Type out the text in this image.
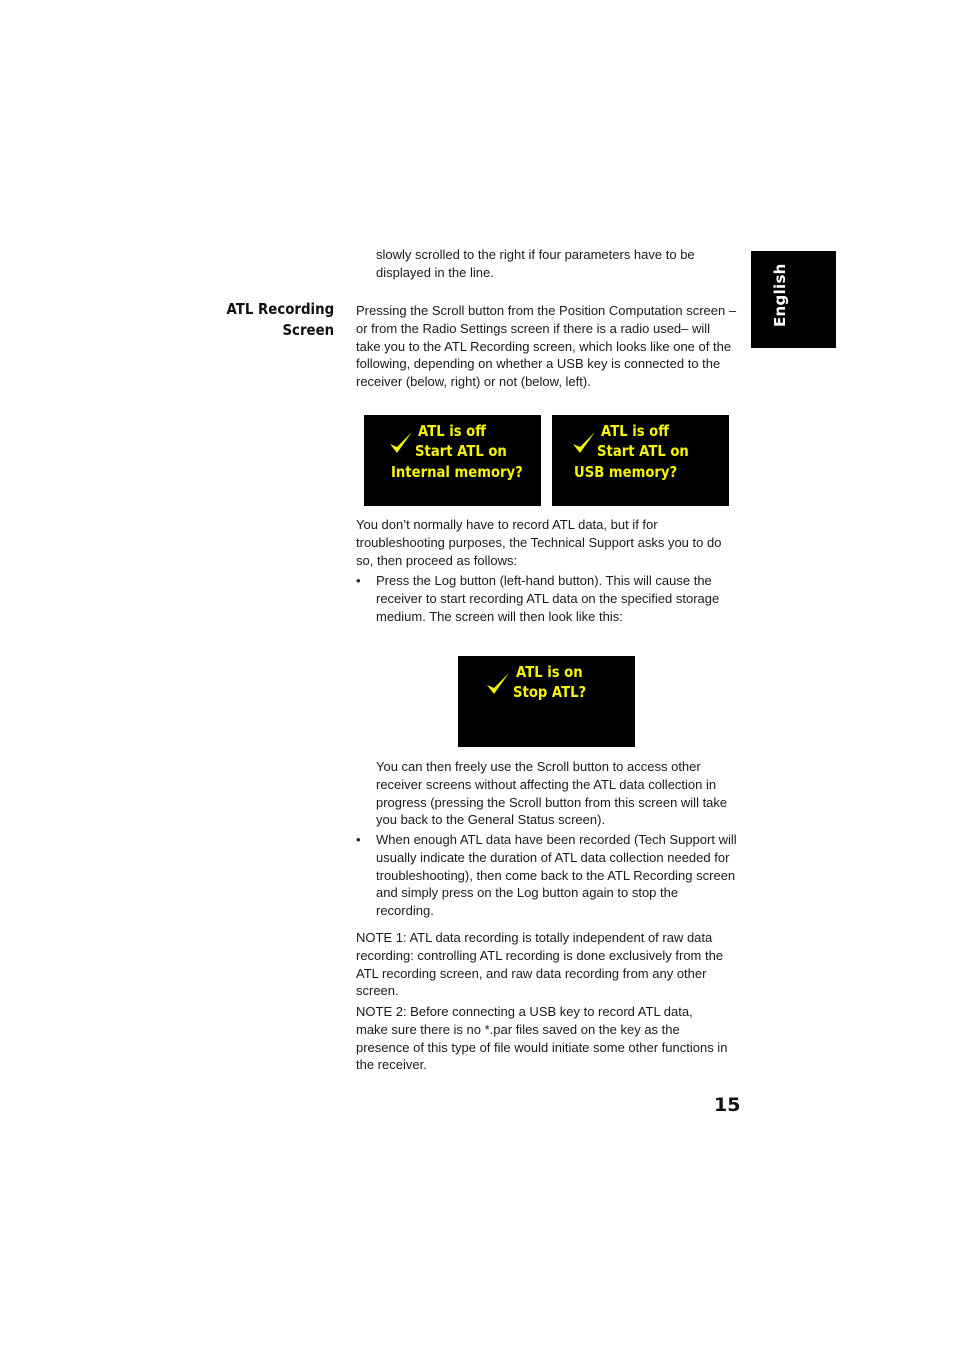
English

slowly scrolled to the right if four parameters have to be displayed in the line.

ATL Recording
Screen

Pressing the Scroll button from the Position Computation screen –or from the Radio Settings screen if there is a radio used– will take you to the ATL Recording screen, which looks like one of the following, depending on whether a USB key is connected to the receiver (below, right) or not (below, left).

ATL is off
Start ATL on
Internal memory?
ATL is off
Start ATL on
USB memory?

You don’t normally have to record ATL data, but if for troubleshooting purposes, the Technical Support asks you to do so, then proceed as follows:

• Press the Log button (left-hand button). This will cause the receiver to start recording ATL data on the specified storage medium. The screen will then look like this:

ATL is on
Stop ATL?

You can then freely use the Scroll button to access other receiver screens without affecting the ATL data collection in progress (pressing the Scroll button from this screen will take you back to the General Status screen).

• When enough ATL data have been recorded (Tech Support will usually indicate the duration of ATL data collection needed for troubleshooting), then come back to the ATL Recording screen and simply press on the Log button again to stop the recording.

NOTE 1: ATL data recording is totally independent of raw data recording: controlling ATL recording is done exclusively from the ATL recording screen, and raw data recording from any other screen.

NOTE 2: Before connecting a USB key to record ATL data, make sure there is no *.par files saved on the key as the presence of this type of file would initiate some other functions in the receiver.

15
